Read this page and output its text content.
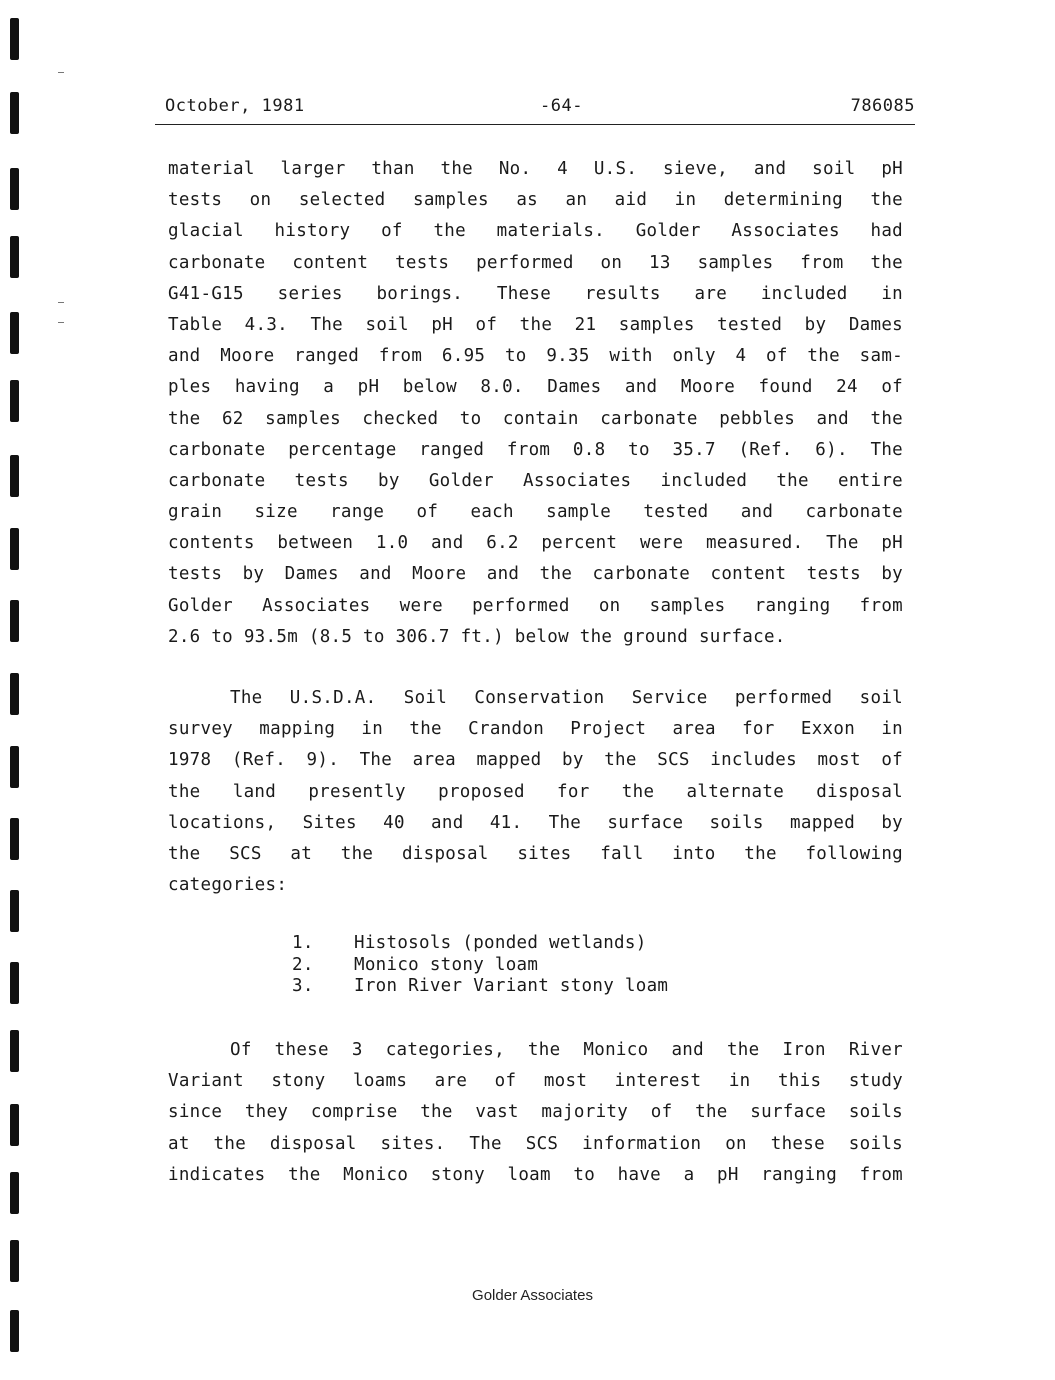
October, 1981	-64-	786085
material larger than the No. 4 U.S. sieve, and soil pH
tests on selected samples as an aid in determining the
glacial history of the materials. Golder Associates had
carbonate content tests performed on 13 samples from the
G41-G15 series borings. These results are included in
Table 4.3. The soil pH of the 21 samples tested by Dames
and Moore ranged from 6.95 to 9.35 with only 4 of the sam-
ples having a pH below 8.0. Dames and Moore found 24 of
the 62 samples checked to contain carbonate pebbles and the
carbonate percentage ranged from 0.8 to 35.7 (Ref. 6). The
carbonate tests by Golder Associates included the entire
grain size range of each sample tested and carbonate
contents between 1.0 and 6.2 percent were measured. The pH
tests by Dames and Moore and the carbonate content tests by
Golder Associates were performed on samples ranging from
2.6 to 93.5m (8.5 to 306.7 ft.) below the ground surface.
The U.S.D.A. Soil Conservation Service performed soil
survey mapping in the Crandon Project area for Exxon in
1978 (Ref. 9). The area mapped by the SCS includes most of
the land presently proposed for the alternate disposal
locations, Sites 40 and 41. The surface soils mapped by
the SCS at the disposal sites fall into the following
categories:
1. Histosols (ponded wetlands)
2. Monico stony loam
3. Iron River Variant stony loam
Of these 3 categories, the Monico and the Iron River
Variant stony loams are of most interest in this study
since they comprise the vast majority of the surface soils
at the disposal sites. The SCS information on these soils
indicates the Monico stony loam to have a pH ranging from
Golder Associates
